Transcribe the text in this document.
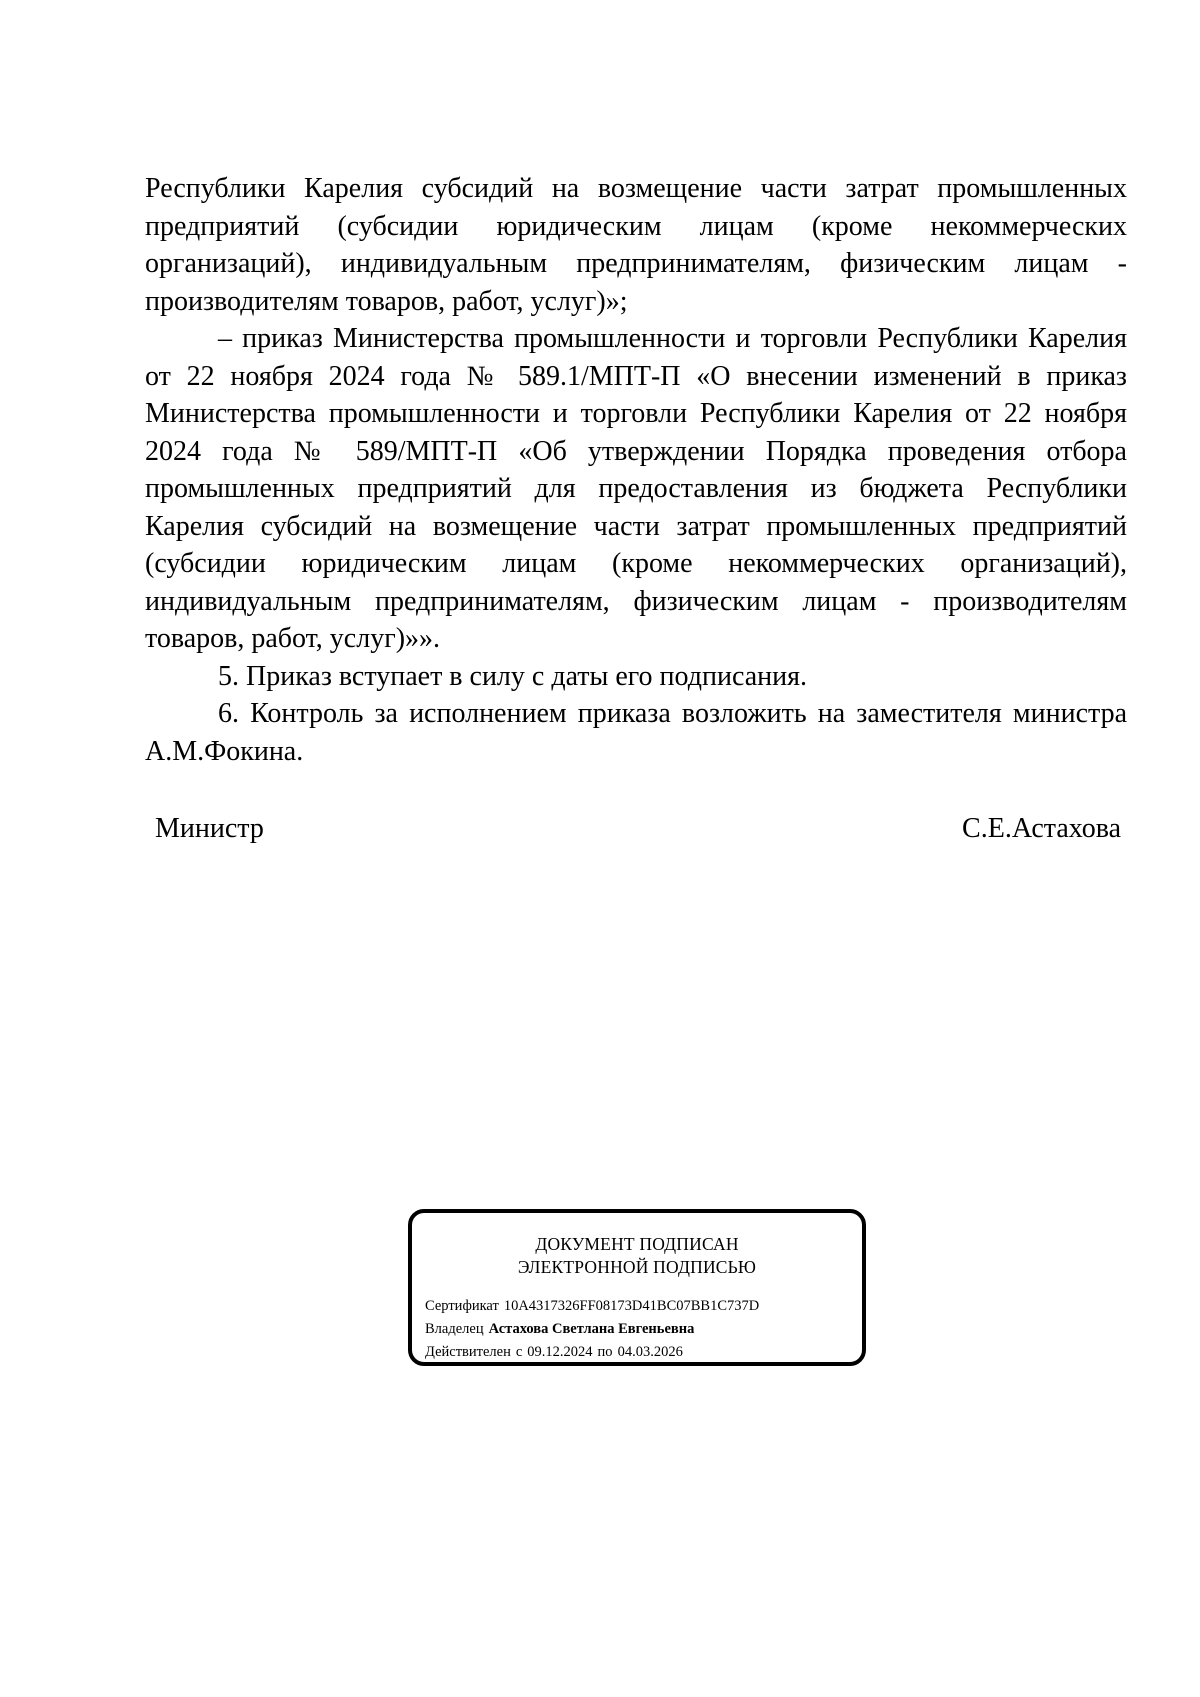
Республики Карелия субсидий на возмещение части затрат промышленных предприятий (субсидии юридическим лицам (кроме некоммерческих организаций), индивидуальным предпринимателям, физическим лицам - производителям товаров, работ, услуг)»;

– приказ Министерства промышленности и торговли Республики Карелия от 22 ноября 2024 года № 589.1/МПТ-П «О внесении изменений в приказ Министерства промышленности и торговли Республики Карелия от 22 ноября 2024 года № 589/МПТ-П «Об утверждении Порядка проведения отбора промышленных предприятий для предоставления из бюджета Республики Карелия субсидий на возмещение части затрат промышленных предприятий (субсидии юридическим лицам (кроме некоммерческих организаций), индивидуальным предпринимателям, физическим лицам - производителям товаров, работ, услуг)»».

5. Приказ вступает в силу с даты его подписания.

6. Контроль за исполнением приказа возложить на заместителя министра А.М.Фокина.

Министр	С.Е.Астахова
ДОКУМЕНТ ПОДПИСАН
ЭЛЕКТРОННОЙ ПОДПИСЬЮ
Сертификат 10A4317326FF08173D41BC07BB1C737D
Владелец Астахова Светлана Евгеньевна
Действителен с 09.12.2024 по 04.03.2026
